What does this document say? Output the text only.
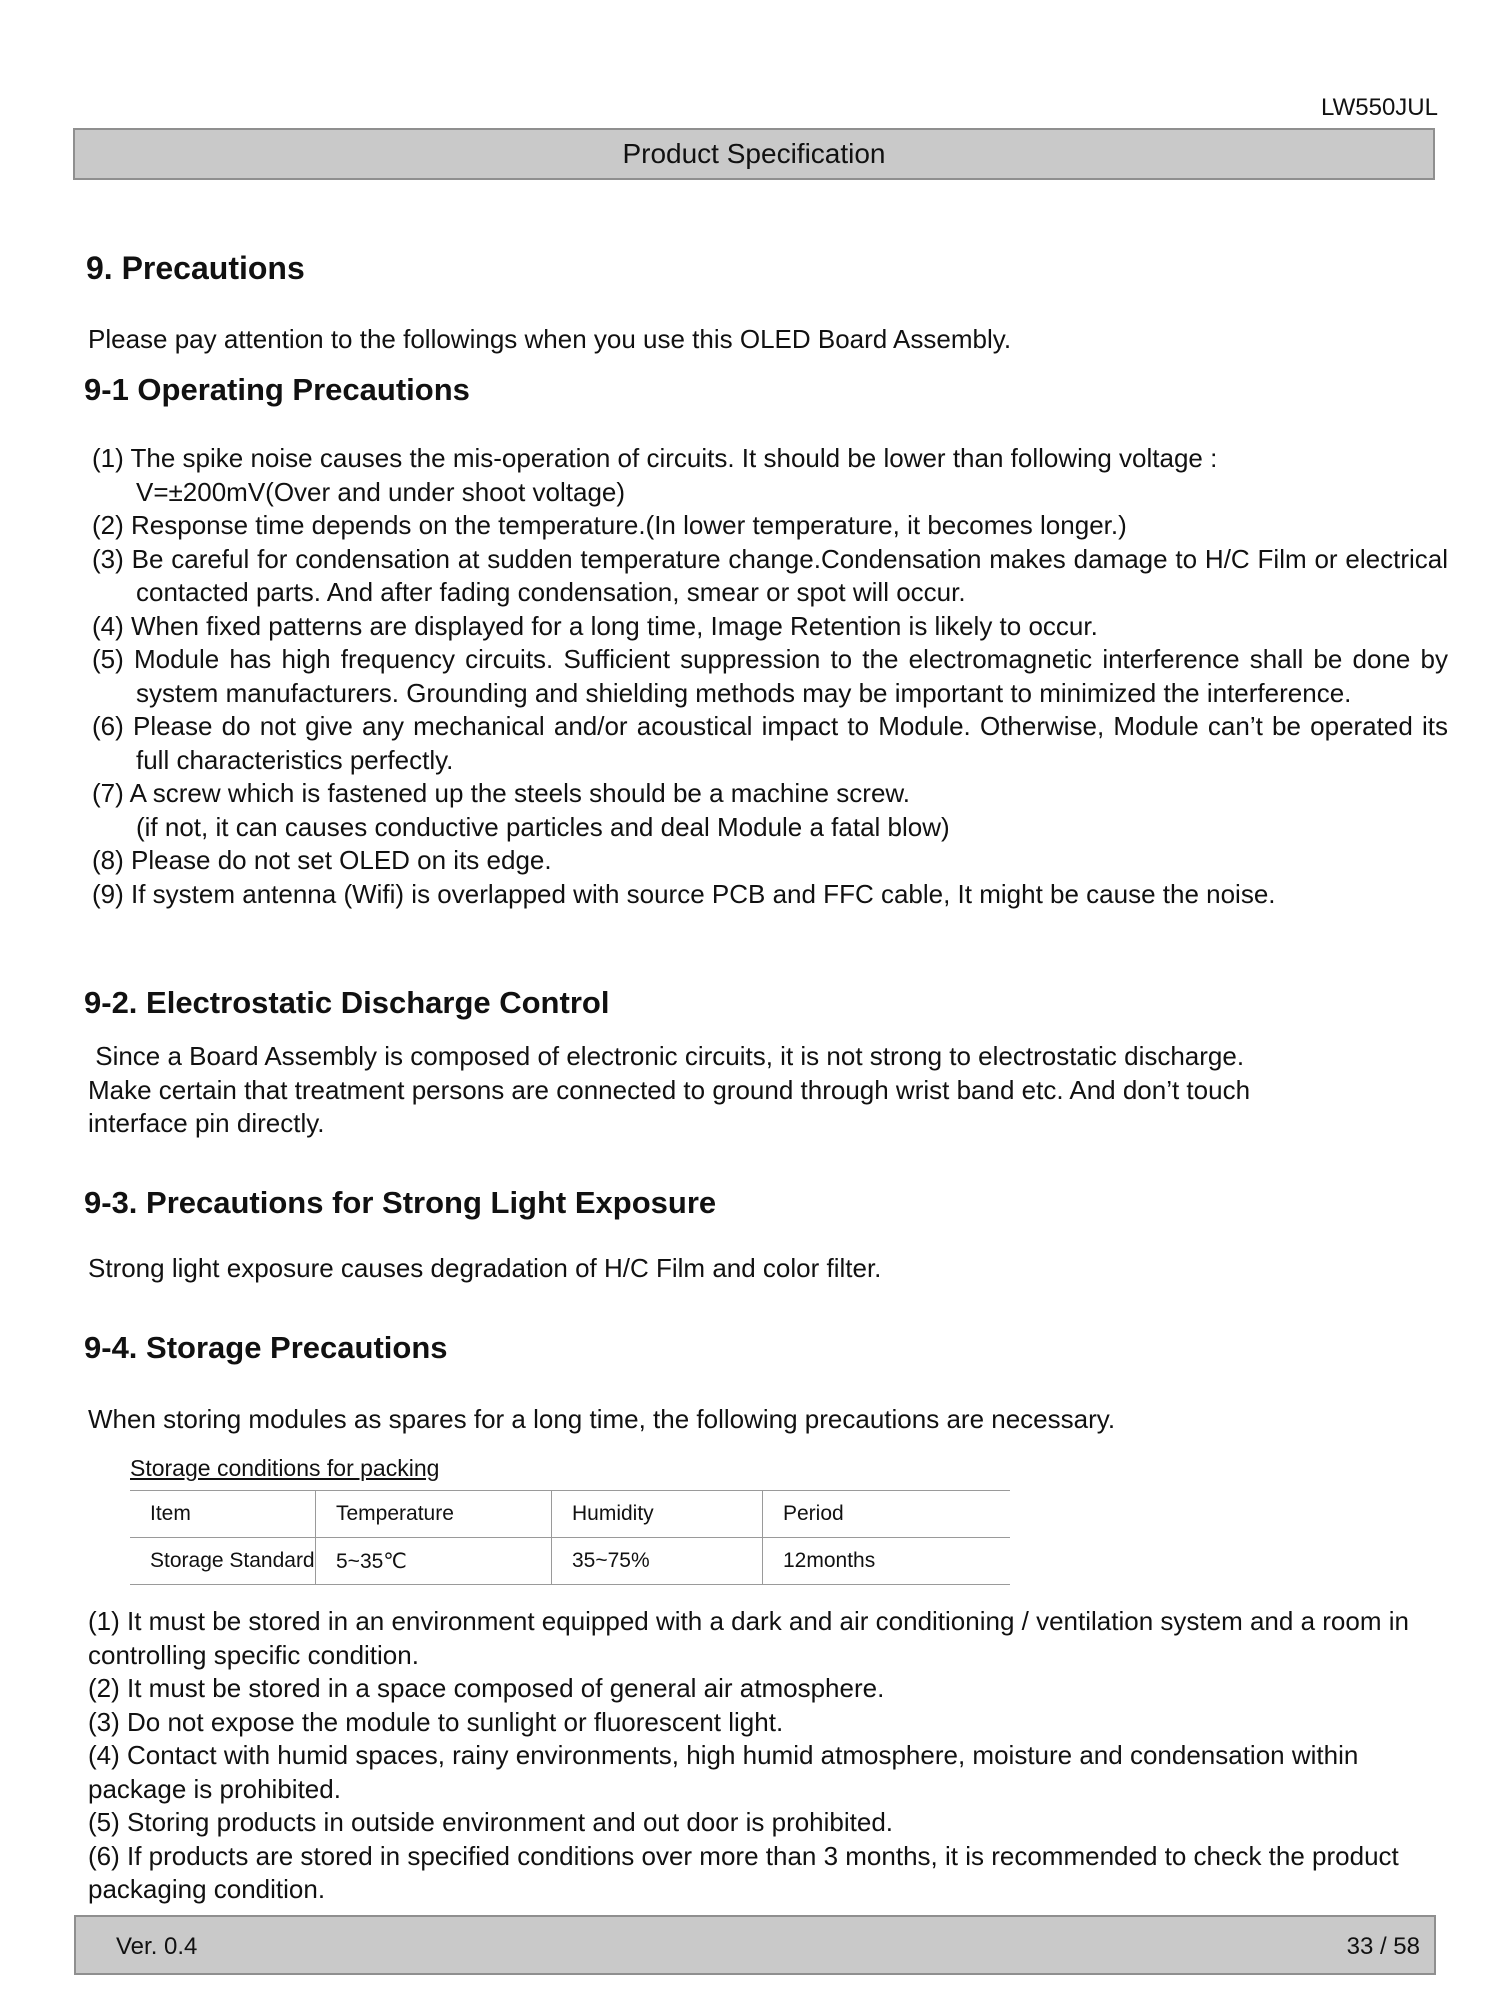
LW550JUL
Product Specification
9. Precautions
Please pay attention to the followings when you use this OLED Board Assembly.
9-1 Operating Precautions
(1) The spike noise causes the mis-operation of circuits. It should be lower than following voltage :
V=±200mV(Over and under shoot voltage)
(2) Response time depends on the temperature.(In lower temperature, it becomes longer.)
(3) Be careful for condensation at sudden temperature change.Condensation makes damage to H/C Film or electrical contacted parts. And after fading condensation, smear or spot will occur.
(4) When fixed patterns are displayed for a long time, Image Retention is likely to occur.
(5) Module has high frequency circuits. Sufficient suppression to the electromagnetic interference shall be done by system manufacturers. Grounding and shielding methods may be important to minimized the interference.
(6) Please do not give any mechanical and/or acoustical impact to Module. Otherwise, Module can’t be operated its full characteristics perfectly.
(7) A screw which is fastened up the steels should be a machine screw.
(if not, it can causes conductive particles and deal Module a fatal blow)
(8) Please do not set OLED on its edge.
(9) If system antenna (Wifi) is overlapped with source PCB and FFC cable, It might be cause the noise.
9-2. Electrostatic Discharge Control
Since a Board Assembly is composed of electronic circuits, it is not strong to electrostatic discharge.
Make certain that treatment persons are connected to ground through wrist band etc. And don’t touch
interface pin directly.
9-3. Precautions for Strong Light Exposure
Strong light exposure causes degradation of H/C Film and color filter.
9-4. Storage Precautions
When storing modules as spares for a long time, the following precautions are necessary.
Storage conditions for packing
Item	Temperature	Humidity	Period
Storage Standard	5~35℃	35~75%	12months
(1) It must be stored in an environment equipped with a dark and air conditioning / ventilation system and a room in controlling specific condition.
(2) It must be stored in a space composed of general air atmosphere.
(3) Do not expose the module to sunlight or fluorescent light.
(4) Contact with humid spaces, rainy environments, high humid atmosphere, moisture and condensation within package is prohibited.
(5) Storing products in outside environment and out door is prohibited.
(6) If products are stored in specified conditions over more than 3 months, it is recommended to check the product packaging condition.
Ver. 0.4	33 / 58
